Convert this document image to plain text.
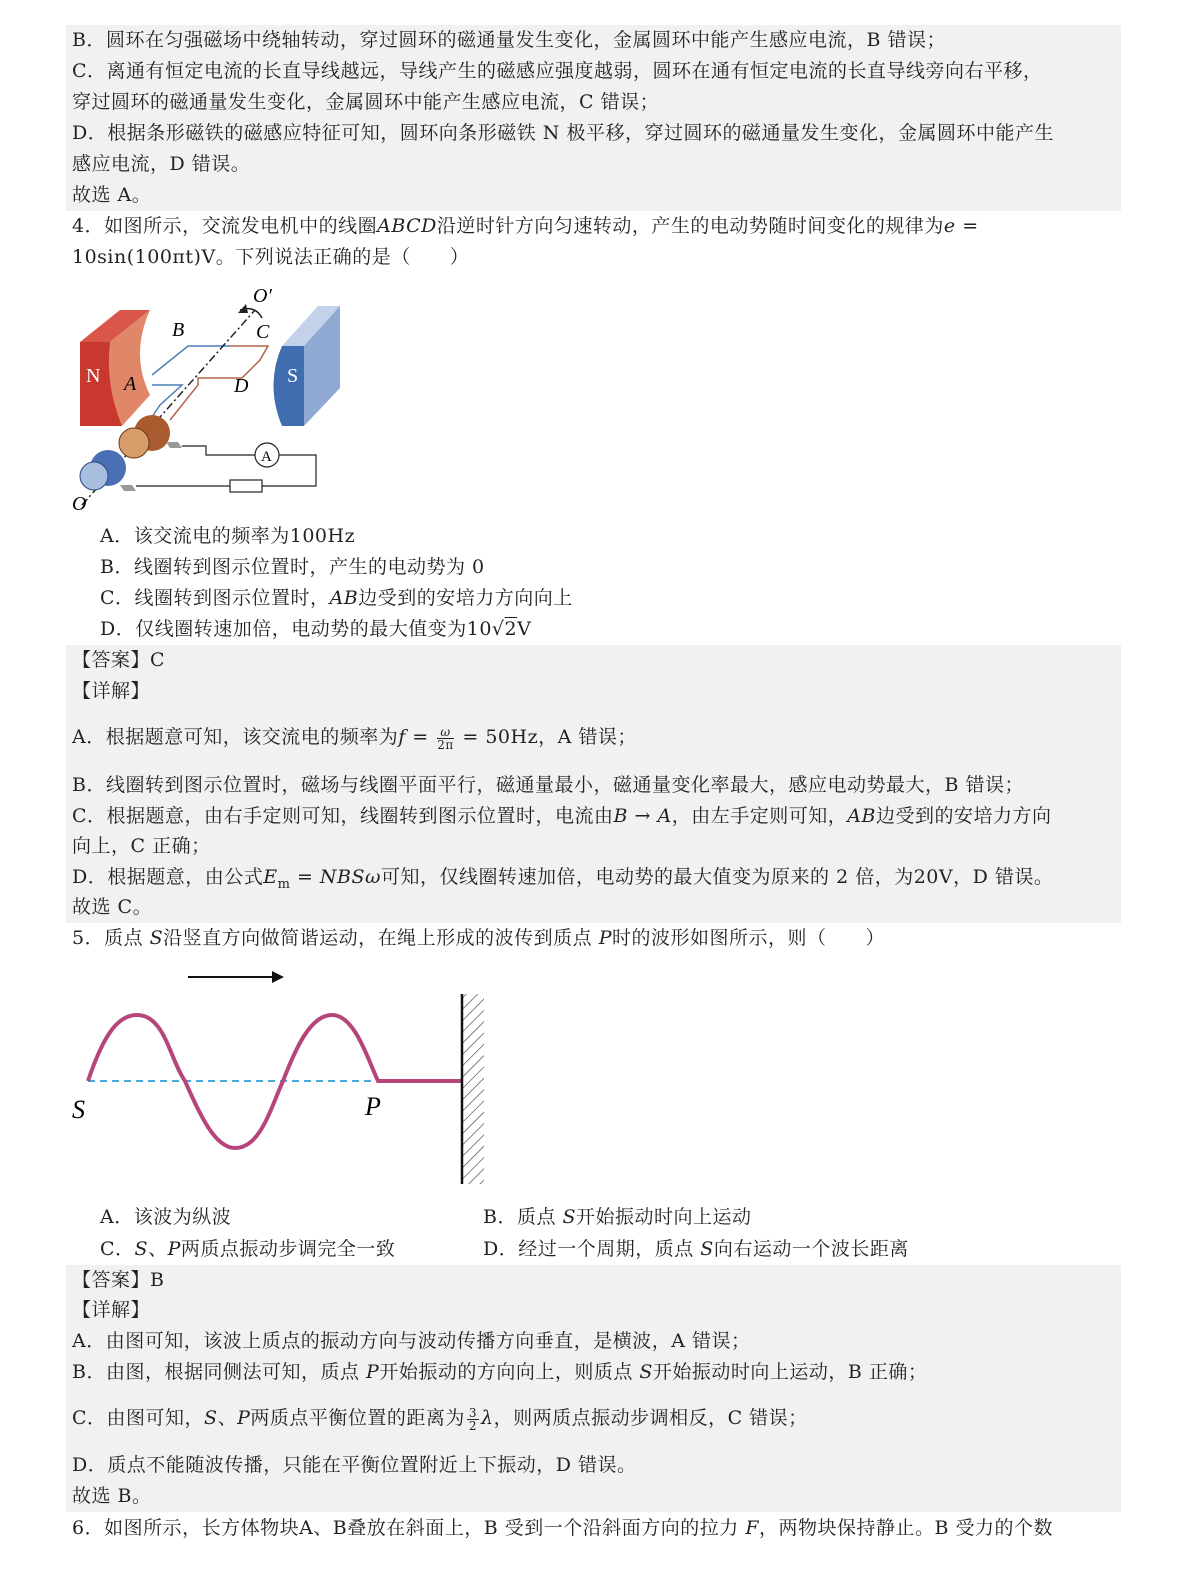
B．圆环在匀强磁场中绕轴转动，穿过圆环的磁通量发生变化，金属圆环中能产生感应电流，B 错误；
C．离通有恒定电流的长直导线越远，导线产生的磁感应强度越弱，圆环在通有恒定电流的长直导线旁向右平移，
穿过圆环的磁通量发生变化，金属圆环中能产生感应电流，C 错误；
D．根据条形磁铁的磁感应特征可知，圆环向条形磁铁 N 极平移，穿过圆环的磁通量发生变化，金属圆环中能产生
感应电流，D 错误。
故选 A。
4．如图所示，交流发电机中的线圈ABCD沿逆时针方向匀速转动，产生的电动势随时间变化的规律为e =
10sin(100πt)V。下列说法正确的是（　　）
N	S
A
B	C
A	D
O′
O
A．该交流电的频率为100Hz
B．线圈转到图示位置时，产生的电动势为 0
C．线圈转到图示位置时，AB边受到的安培力方向向上
D．仅线圈转速加倍，电动势的最大值变为10√2V
【答案】C
【详解】
A．根据题意可知，该交流电的频率为$f = \frac{\omega}{2\pi} = 50Hz$，A 错误；
B．线圈转到图示位置时，磁场与线圈平面平行，磁通量最小，磁通量变化率最大，感应电动势最大，B 错误；
C．根据题意，由右手定则可知，线圈转到图示位置时，电流由B → A，由左手定则可知，AB边受到的安培力方向
向上，C 正确；
D．根据题意，由公式$E_m = NBS\omega$可知，仅线圈转速加倍，电动势的最大值变为原来的 2 倍，为20V，D 错误。
故选 C。
5．质点 S沿竖直方向做简谐运动，在绳上形成的波传到质点 P时的波形如图所示，则（　　）
S	P
A．该波为纵波	B．质点 S开始振动时向上运动
C．S、P两质点振动步调完全一致	D．经过一个周期，质点 S向右运动一个波长距离
【答案】B
【详解】
A．由图可知，该波上质点的振动方向与波动传播方向垂直，是横波，A 错误；
B．由图，根据同侧法可知，质点 P开始振动的方向向上，则质点 S开始振动时向上运动，B 正确；
C．由图可知，S、P两质点平衡位置的距离为 $\frac{3}{2}$ λ，则两质点振动步调相反，C 错误；
D．质点不能随波传播，只能在平衡位置附近上下振动，D 错误。
故选 B。
6．如图所示，长方体物块A、B叠放在斜面上，B 受到一个沿斜面方向的拉力 F，两物块保持静止。B 受力的个数
